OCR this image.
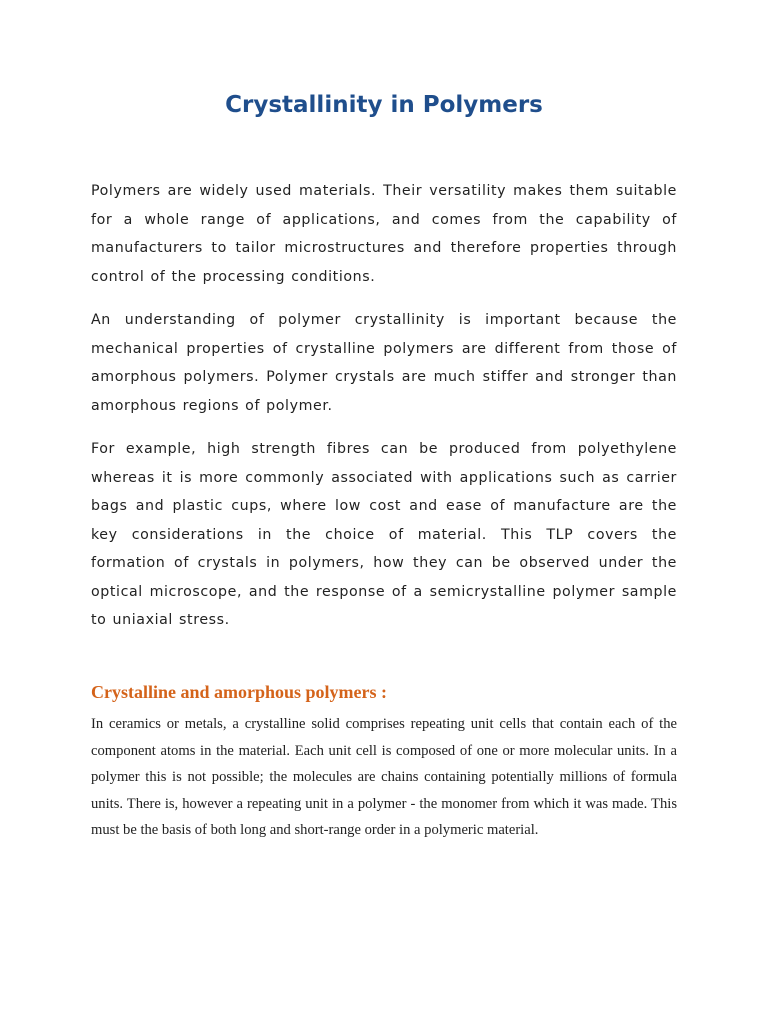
Crystallinity in Polymers

Polymers are widely used materials. Their versatility makes them suitable for a whole range of applications, and comes from the capability of manufacturers to tailor microstructures and therefore properties through control of the processing conditions.

An understanding of polymer crystallinity is important because the mechanical properties of crystalline polymers are different from those of amorphous polymers. Polymer crystals are much stiffer and stronger than amorphous regions of polymer.

For example, high strength fibres can be produced from polyethylene whereas it is more commonly associated with applications such as carrier bags and plastic cups, where low cost and ease of manufacture are the key considerations in the choice of material. This TLP covers the formation of crystals in polymers, how they can be observed under the optical microscope, and the response of a semicrystalline polymer sample to uniaxial stress.

Crystalline and amorphous polymers :

In ceramics or metals, a crystalline solid comprises repeating unit cells that contain each of the component atoms in the material. Each unit cell is composed of one or more molecular units. In a polymer this is not possible; the molecules are chains containing potentially millions of formula units. There is, however a repeating unit in a polymer - the monomer from which it was made. This must be the basis of both long and short-range order in a polymeric material.
